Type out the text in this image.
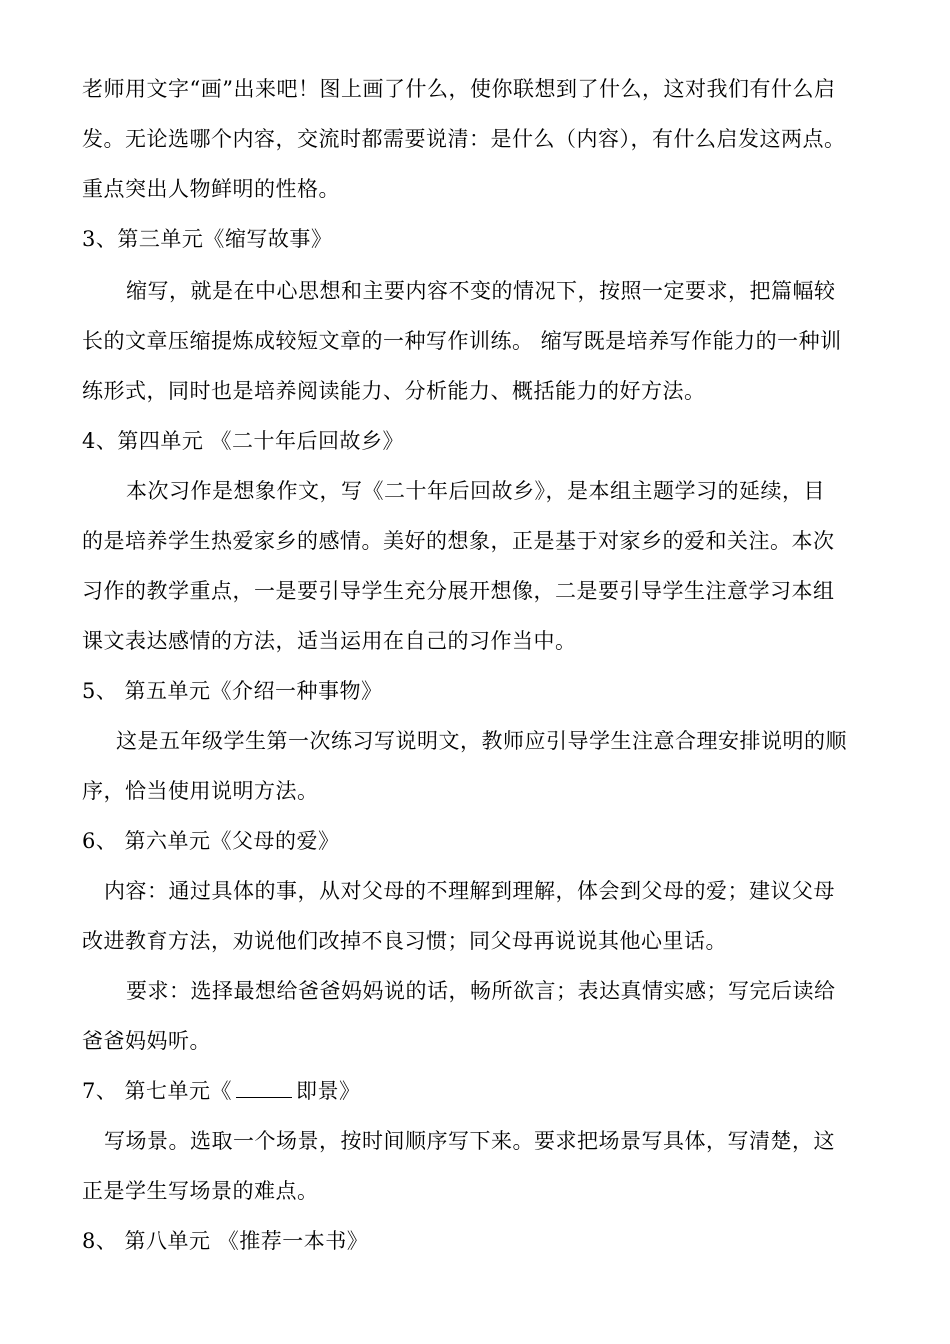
老师用文字“画”出来吧！图上画了什么，使你联想到了什么，这对我们有什么启
发。无论选哪个内容，交流时都需要说清：是什么（内容），有什么启发这两点。
重点突出人物鲜明的性格。
3、第三单元《缩写故事》
缩写，就是在中心思想和主要内容不变的情况下，按照一定要求，把篇幅较
长的文章压缩提炼成较短文章的一种写作训练。 缩写既是培养写作能力的一种训
练形式，同时也是培养阅读能力、分析能力、概括能力的好方法。
4、第四单元 《二十年后回故乡》
本次习作是想象作文，写《二十年后回故乡》，是本组主题学习的延续，目
的是培养学生热爱家乡的感情。美好的想象，正是基于对家乡的爱和关注。本次
习作的教学重点，一是要引导学生充分展开想像，二是要引导学生注意学习本组
课文表达感情的方法，适当运用在自己的习作当中。
5、 第五单元《介绍一种事物》
这是五年级学生第一次练习写说明文，教师应引导学生注意合理安排说明的顺
序，恰当使用说明方法。
6、 第六单元《父母的爱》
内容：通过具体的事，从对父母的不理解到理解，体会到父母的爱；建议父母
改进教育方法，劝说他们改掉不良习惯；同父母再说说其他心里话。
要求：选择最想给爸爸妈妈说的话，畅所欲言；表达真情实感；写完后读给
爸爸妈妈听。
7、 第七单元《	即景》
写场景。选取一个场景，按时间顺序写下来。要求把场景写具体，写清楚，这
正是学生写场景的难点。
8、 第八单元 《推荐一本书》
